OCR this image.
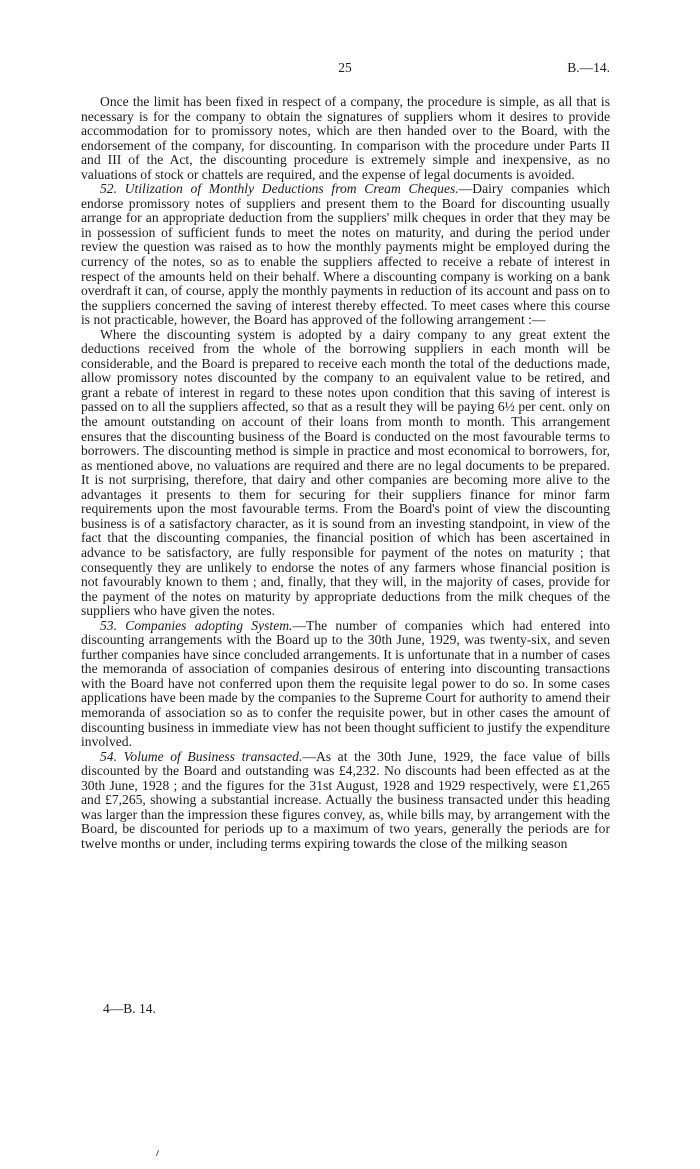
25	B.—14.

Once the limit has been fixed in respect of a company, the procedure is simple, as all that is necessary is for the company to obtain the signatures of suppliers whom it desires to provide accommodation for to promissory notes, which are then handed over to the Board, with the endorsement of the company, for discounting. In comparison with the procedure under Parts II and III of the Act, the discounting procedure is extremely simple and inexpensive, as no valuations of stock or chattels are required, and the expense of legal documents is avoided.

52. Utilization of Monthly Deductions from Cream Cheques.—Dairy companies which endorse promissory notes of suppliers and present them to the Board for discounting usually arrange for an appropriate deduction from the suppliers' milk cheques in order that they may be in possession of sufficient funds to meet the notes on maturity, and during the period under review the question was raised as to how the monthly payments might be employed during the currency of the notes, so as to enable the suppliers affected to receive a rebate of interest in respect of the amounts held on their behalf. Where a discounting company is working on a bank overdraft it can, of course, apply the monthly payments in reduction of its account and pass on to the suppliers concerned the saving of interest thereby effected. To meet cases where this course is not practicable, however, the Board has approved of the following arrangement :—

Where the discounting system is adopted by a dairy company to any great extent the deductions received from the whole of the borrowing suppliers in each month will be considerable, and the Board is prepared to receive each month the total of the deductions made, allow promissory notes discounted by the company to an equivalent value to be retired, and grant a rebate of interest in regard to these notes upon condition that this saving of interest is passed on to all the suppliers affected, so that as a result they will be paying 6½ per cent. only on the amount outstanding on account of their loans from month to month. This arrangement ensures that the discounting business of the Board is conducted on the most favourable terms to borrowers. The discounting method is simple in practice and most economical to borrowers, for, as mentioned above, no valuations are required and there are no legal documents to be prepared. It is not surprising, therefore, that dairy and other companies are becoming more alive to the advantages it presents to them for securing for their suppliers finance for minor farm requirements upon the most favourable terms. From the Board's point of view the discounting business is of a satisfactory character, as it is sound from an investing standpoint, in view of the fact that the discounting companies, the financial position of which has been ascertained in advance to be satisfactory, are fully responsible for payment of the notes on maturity ; that consequently they are unlikely to endorse the notes of any farmers whose financial position is not favourably known to them ; and, finally, that they will, in the majority of cases, provide for the payment of the notes on maturity by appropriate deductions from the milk cheques of the suppliers who have given the notes.

53. Companies adopting System.—The number of companies which had entered into discounting arrangements with the Board up to the 30th June, 1929, was twenty-six, and seven further companies have since concluded arrangements. It is unfortunate that in a number of cases the memoranda of association of companies desirous of entering into discounting transactions with the Board have not conferred upon them the requisite legal power to do so. In some cases applications have been made by the companies to the Supreme Court for authority to amend their memoranda of association so as to confer the requisite power, but in other cases the amount of discounting business in immediate view has not been thought sufficient to justify the expenditure involved.

54. Volume of Business transacted.—As at the 30th June, 1929, the face value of bills discounted by the Board and outstanding was £4,232. No discounts had been effected as at the 30th June, 1928 ; and the figures for the 31st August, 1928 and 1929 respectively, were £1,265 and £7,265, showing a substantial increase. Actually the business transacted under this heading was larger than the impression these figures convey, as, while bills may, by arrangement with the Board, be discounted for periods up to a maximum of two years, generally the periods are for twelve months or under, including terms expiring towards the close of the milking season

4—B. 14.
